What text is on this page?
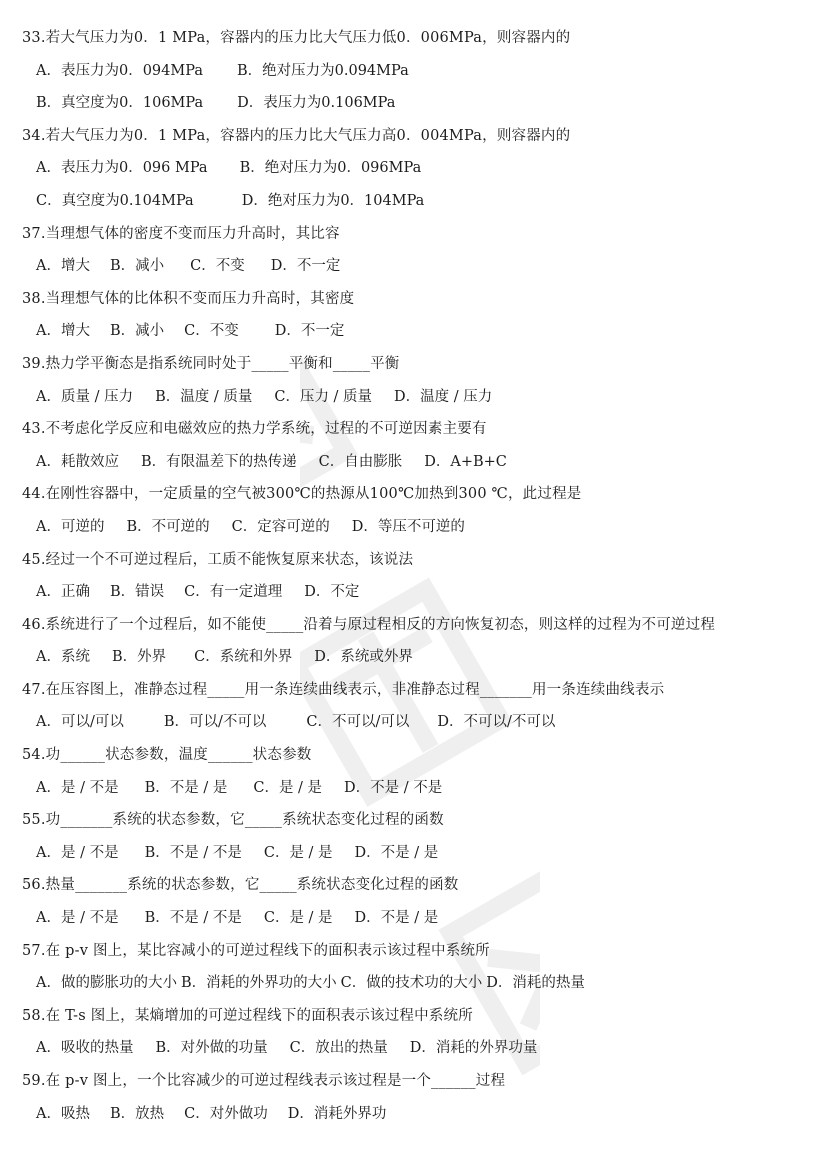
33.若大气压力为0．1 MPa，容器内的压力比大气压力低0．006MPa，则容器内的
A．表压力为0．094MPa B．绝对压力为0.094MPa
B．真空度为0．106MPa D．表压力为0.106MPa
34.若大气压力为0．1 MPa，容器内的压力比大气压力高0．004MPa，则容器内的
A．表压力为0．096 MPa B．绝对压力为0．096MPa
C．真空度为0.104MPa	D．绝对压力为0．104MPa
37.当理想气体的密度不变而压力升高时，其比容
A．增大 B．减小 C．不变 D．不一定
38.当理想气体的比体积不变而压力升高时，其密度
A．增大 B．减小 C．不变 D．不一定
39.热力学平衡态是指系统同时处于_____平衡和_____平衡
A．质量 / 压力 B．温度 / 质量 C．压力 / 质量 D．温度 / 压力
43.不考虑化学反应和电磁效应的热力学系统，过程的不可逆因素主要有
A．耗散效应 B．有限温差下的热传递 C．自由膨胀 D．A+B+C
44.在刚性容器中，一定质量的空气被300℃的热源从100℃加热到300 ℃，此过程是
A．可逆的 B．不可逆的 C．定容可逆的 D．等压不可逆的
45.经过一个不可逆过程后，工质不能恢复原来状态，该说法
A．正确 B．错误 C．有一定道理 D．不定
46.系统进行了一个过程后，如不能使_____沿着与原过程相反的方向恢复初态，则这样的过程为不可逆过程
A．系统 B．外界 C．系统和外界 D．系统或外界
47.在压容图上，准静态过程_____用一条连续曲线表示，非准静态过程_______用一条连续曲线表示
A．可以/可以	B．可以/不可以	C．不可以/可以 D．不可以/不可以
54.功______状态参数，温度______状态参数
A．是 / 不是 B．不是 / 是 C．是 / 是 D．不是 / 不是
55.功_______系统的状态参数，它_____系统状态变化过程的函数
A．是 / 不是 B．不是 / 不是 C．是 / 是 D．不是 / 是
56.热量_______系统的状态参数，它_____系统状态变化过程的函数
A．是 / 不是 B．不是 / 不是 C．是 / 是 D．不是 / 是
57.在 p-v 图上，某比容减小的可逆过程线下的面积表示该过程中系统所
A．做的膨胀功的大小 B．消耗的外界功的大小 C．做的技术功的大小 D．消耗的热量
58.在 T-s 图上，某熵增加的可逆过程线下的面积表示该过程中系统所
A．吸收的热量 B．对外做的功量 C．放出的热量 D．消耗的外界功量
59.在 p-v 图上，一个比容减少的可逆过程线表示该过程是一个______过程
A．吸热 B．放热 C．对外做功 D．消耗外界功
